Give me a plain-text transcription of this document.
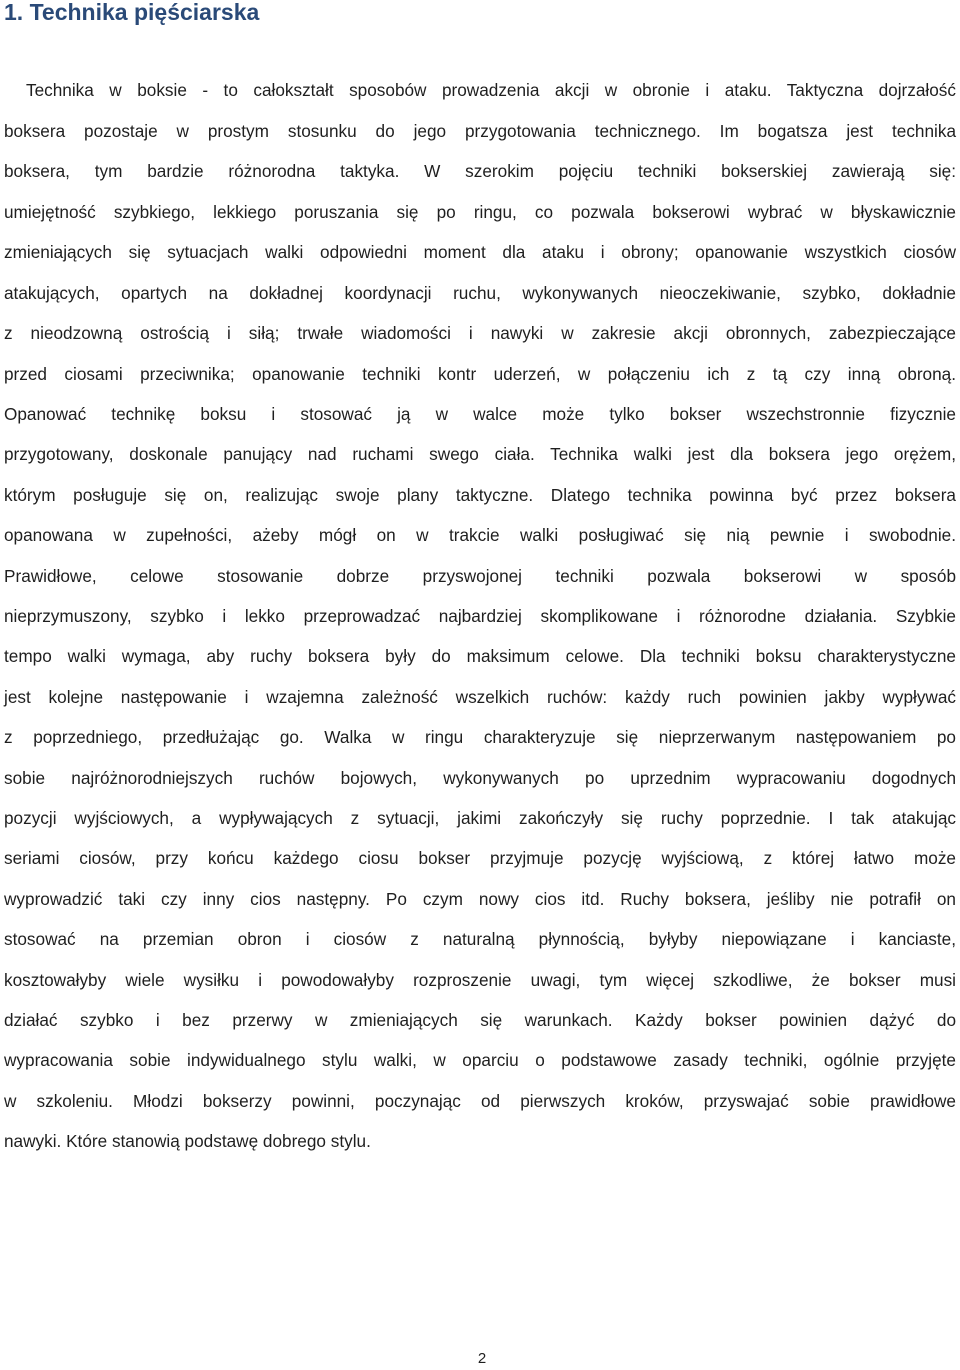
1. Technika pięściarska
Technika w boksie - to całokształt sposobów prowadzenia akcji w obronie i ataku. Taktyczna dojrzałość
boksera pozostaje w prostym stosunku do jego przygotowania technicznego. Im bogatsza jest technika
boksera, tym bardzie różnorodna taktyka. W szerokim pojęciu techniki bokserskiej zawierają się:
umiejętność szybkiego, lekkiego poruszania się po ringu, co pozwala bokserowi wybrać w błyskawicznie
zmieniających się sytuacjach walki odpowiedni moment dla ataku i obrony; opanowanie wszystkich ciosów
atakujących, opartych na dokładnej koordynacji ruchu, wykonywanych nieoczekiwanie, szybko, dokładnie
z nieodzowną ostrością i siłą; trwałe wiadomości i nawyki w zakresie akcji obronnych, zabezpieczające
przed ciosami przeciwnika; opanowanie techniki kontr uderzeń, w połączeniu ich z tą czy inną obroną.
Opanować technikę boksu i stosować ją w walce może tylko bokser wszechstronnie fizycznie
przygotowany, doskonale panujący nad ruchami swego ciała. Technika walki jest dla boksera jego orężem,
którym posługuje się on, realizując swoje plany taktyczne. Dlatego technika powinna być przez boksera
opanowana w zupełności, ażeby mógł on w trakcie walki posługiwać się nią pewnie i swobodnie.
Prawidłowe, celowe stosowanie dobrze przyswojonej techniki pozwala bokserowi w sposób
nieprzymuszony, szybko i lekko przeprowadzać najbardziej skomplikowane i różnorodne działania. Szybkie
tempo walki wymaga, aby ruchy boksera były do maksimum celowe. Dla techniki boksu charakterystyczne
jest kolejne następowanie i wzajemna zależność wszelkich ruchów: każdy ruch powinien jakby wypływać
z poprzedniego, przedłużając go. Walka w ringu charakteryzuje się nieprzerwanym następowaniem po
sobie najróżnorodniejszych ruchów bojowych, wykonywanych po uprzednim wypracowaniu dogodnych
pozycji wyjściowych, a wypływających z sytuacji, jakimi zakończyły się ruchy poprzednie. I tak atakując
seriami ciosów, przy końcu każdego ciosu bokser przyjmuje pozycję wyjściową, z której łatwo może
wyprowadzić taki czy inny cios następny. Po czym nowy cios itd. Ruchy boksera, jeśliby nie potrafił on
stosować na przemian obron i ciosów z naturalną płynnością, byłyby niepowiązane i kanciaste,
kosztowałyby wiele wysiłku i powodowałyby rozproszenie uwagi, tym więcej szkodliwe, że bokser musi
działać szybko i bez przerwy w zmieniających się warunkach. Każdy bokser powinien dążyć do
wypracowania sobie indywidualnego stylu walki, w oparciu o podstawowe zasady techniki, ogólnie przyjęte
w szkoleniu. Młodzi bokserzy powinni, poczynając od pierwszych kroków, przyswajać sobie prawidłowe
nawyki. Które stanowią podstawę dobrego stylu.
2
